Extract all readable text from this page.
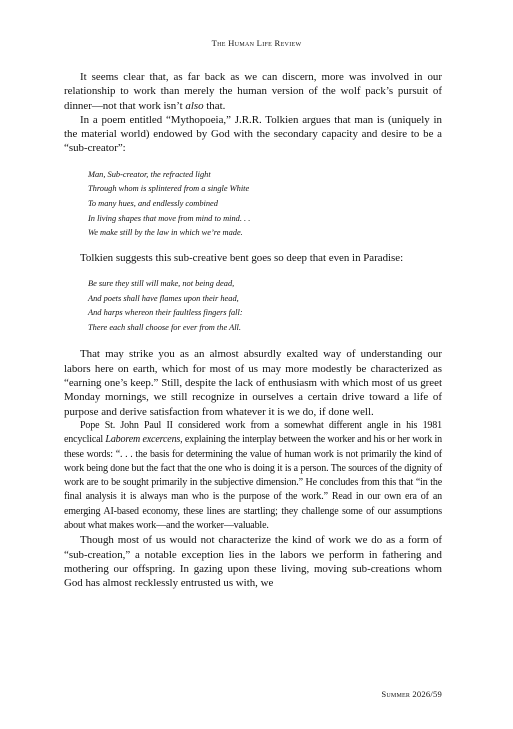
The Human Life Review

It seems clear that, as far back as we can discern, more was involved in our relationship to work than merely the human version of the wolf pack’s pursuit of dinner—not that work isn’t also that.

In a poem entitled “Mythopoeia,” J.R.R. Tolkien argues that man is (uniquely in the material world) endowed by God with the secondary capacity and desire to be a “sub-creator”:

Man, Sub-creator, the refracted light
Through whom is splintered from a single White
To many hues, and endlessly combined
In living shapes that move from mind to mind. . .
We make still by the law in which we’re made.

Tolkien suggests this sub-creative bent goes so deep that even in Paradise:

Be sure they still will make, not being dead,
And poets shall have flames upon their head,
And harps whereon their faultless fingers fall:
There each shall choose for ever from the All.

That may strike you as an almost absurdly exalted way of understanding our labors here on earth, which for most of us may more modestly be characterized as “earning one’s keep.” Still, despite the lack of enthusiasm with which most of us greet Monday mornings, we still recognize in ourselves a certain drive toward a life of purpose and derive satisfaction from whatever it is we do, if done well.

Pope St. John Paul II considered work from a somewhat different angle in his 1981 encyclical Laborem excercens, explaining the interplay between the worker and his or her work in these words: “. . . the basis for determining the value of human work is not primarily the kind of work being done but the fact that the one who is doing it is a person. The sources of the dignity of work are to be sought primarily in the subjective dimension.” He concludes from this that “in the final analysis it is always man who is the purpose of the work.” Read in our own era of an emerging AI-based economy, these lines are startling; they challenge some of our assumptions about what makes work—and the worker—valuable.

Though most of us would not characterize the kind of work we do as a form of “sub-creation,” a notable exception lies in the labors we perform in fathering and mothering our offspring. In gazing upon these living, moving sub-creations whom God has almost recklessly entrusted us with, we

Summer 2026/59
